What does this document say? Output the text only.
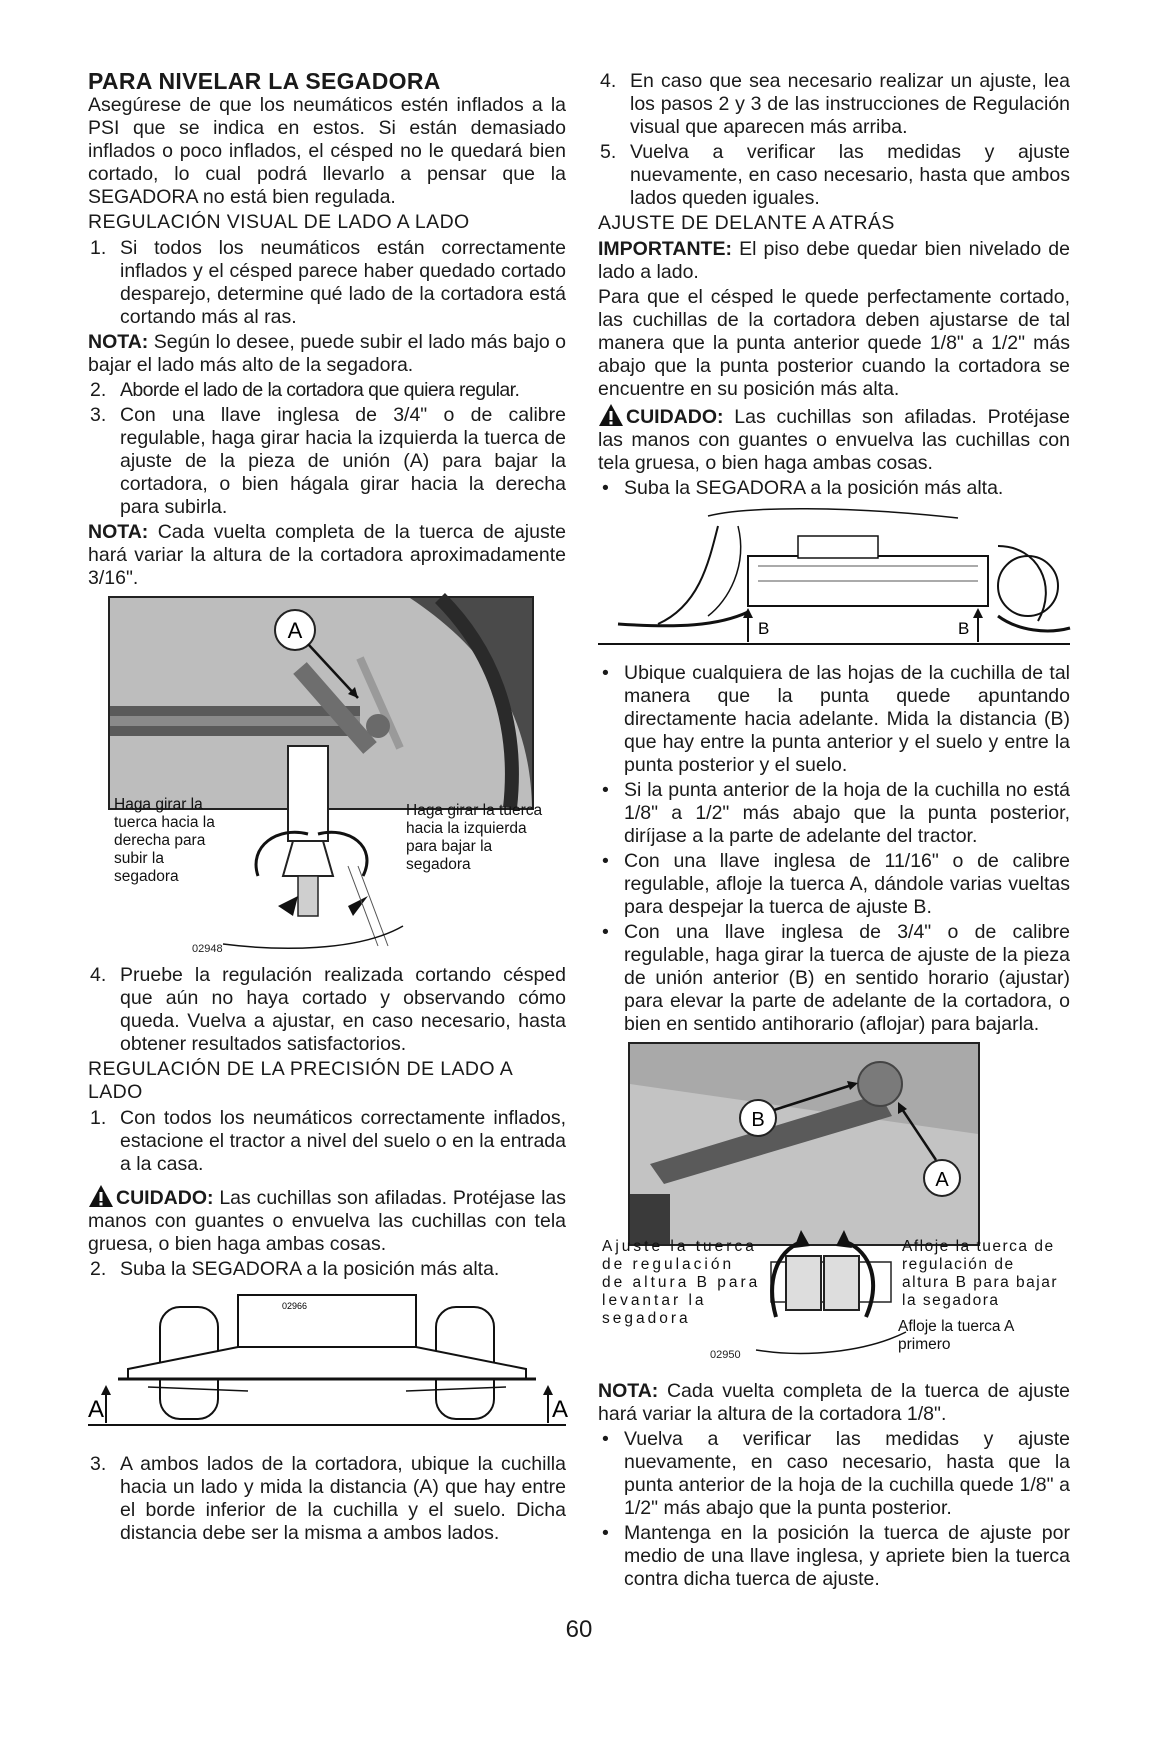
PARA NIVELAR LA SEGADORA

Asegúrese de que los neumáticos estén inflados a la PSI que se indica en estos. Si están demasiado inflados o poco inflados, el césped no le quedará bien cortado, lo cual podrá llevarlo a pensar que la SEGADORA no está bien regulada.

REGULACIÓN VISUAL DE LADO A LADO
1. Si todos los neumáticos están correctamente inflados y el césped parece haber quedado cortado desparejo, determine qué lado de la cortadora está cortando más al ras.

NOTA: Según lo desee, puede subir el lado más bajo o bajar el lado más alto de la segadora.

2. Aborde el lado de la cortadora que quiera regular.
3. Con una llave inglesa de 3/4" o de calibre regulable, haga girar hacia la izquierda la tuerca de ajuste de la pieza de unión (A) para bajar la cortadora, o bien hágala girar hacia la derecha para subirla.

NOTA: Cada vuelta completa de la tuerca de ajuste hará variar la altura de la cortadora aproximadamente 3/16".

A
Haga girar la tuerca hacia la derecha para subir la segadora
Haga girar la tuerca hacia la izquierda para bajar la segadora
02948
4. Pruebe la regulación realizada cortando césped que aún no haya cortado y observando cómo queda. Vuelva a ajustar, en caso necesario, hasta obtener resultados satisfactorios.
REGULACIÓN DE LA PRECISIÓN DE LADO A LADO
1. Con todos los neumáticos correctamente inflados, estacione el tractor a nivel del suelo o en la entrada a la casa.

CUIDADO: Las cuchillas son afiladas. Protéjase las manos con guantes o envuelva las cuchillas con tela gruesa, o bien haga ambas cosas.

2. Suba la SEGADORA a la posición más alta.
A	A
02966
3. A ambos lados de la cortadora, ubique la cuchilla hacia un lado y mida la distancia (A) que hay entre el borde inferior de la cuchilla y el suelo. Dicha distancia debe ser la misma a ambos lados.
4. En caso que sea necesario realizar un ajuste, lea los pasos 2 y 3 de las instrucciones de Regulación visual que aparecen más arriba.
5. Vuelva a verificar las medidas y ajuste nuevamente, en caso necesario, hasta que ambos lados queden iguales.
AJUSTE DE DELANTE A ATRÁS

IMPORTANTE: El piso debe quedar bien nivelado de lado a lado.

Para que el césped le quede perfectamente cortado, las cuchillas de la cortadora deben ajustarse de tal manera que la punta anterior quede 1/8" a 1/2" más abajo que la punta posterior cuando la cortadora se encuentre en su posición más alta.

CUIDADO: Las cuchillas son afiladas. Protéjase las manos con guantes o envuelva las cuchillas con tela gruesa, o bien haga ambas cosas.

• Suba la SEGADORA a la posición más alta.
B	B
• Ubique cualquiera de las hojas de la cuchilla de tal manera que la punta quede apuntando directamente hacia adelante. Mida la distancia (B) que hay entre la punta anterior y el suelo y entre la punta posterior y el suelo.
• Si la punta anterior de la hoja de la cuchilla no está 1/8" a 1/2" más abajo que la punta posterior, diríjase a la parte de adelante del tractor.
• Con una llave inglesa de 11/16" o de calibre regulable, afloje la tuerca A, dándole varias vueltas para despejar la tuerca de ajuste B.
• Con una llave inglesa de 3/4" o de calibre regulable, haga girar la tuerca de ajuste de la pieza de unión anterior (B) en sentido horario (ajustar) para elevar la parte de adelante de la cortadora, o bien en sentido antihorario (aflojar) para bajarla.
B
A
Ajuste la tuerca de regulación de altura B para levantar la segadora
Afloje la tuerca de regulación de altura B para bajar la segadora
Afloje la tuerca A primero
02950

NOTA: Cada vuelta completa de la tuerca de ajuste hará variar la altura de la cortadora 1/8".

• Vuelva a verificar las medidas y ajuste nuevamente, en caso necesario, hasta que la punta anterior de la hoja de la cuchilla quede 1/8" a 1/2" más abajo que la punta posterior.
• Mantenga en la posición la tuerca de ajuste por medio de una llave inglesa, y apriete bien la tuerca contra dicha tuerca de ajuste.
60
